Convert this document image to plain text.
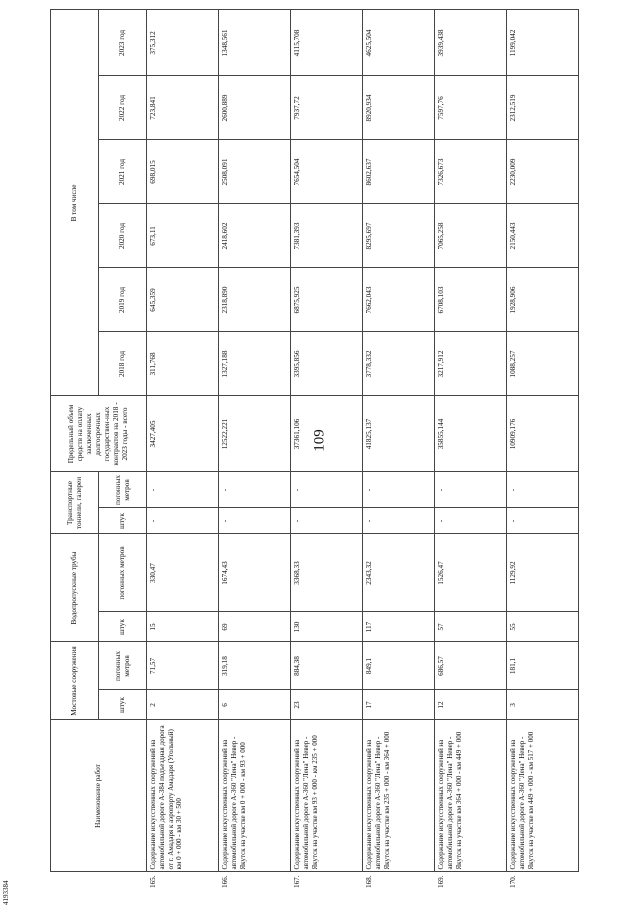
109
4193384
	Наименование работ	Мостовые сооружения		Водопропускные трубы		Транспортные тоннели, галереи		Предельный объем средств на оплату заключенных долгосрочных государствен-ных контрактов на 2018 - 2023 годы - всего	В том числе					
		штук	погонных метров	штук	погонных метров	штук	погонных метров		2018 год	2019 год	2020 год	2021 год	2022 год	2023 год
165.	Содержание искусственных сооружений на автомобильной дороге А-384 подъездная дорога от г. Амадаря к аэропорту Амадаря (Угольный) км 0 + 000 - км 30 + 500	2	71,57	15	330,47	-	-	3427,405	311,768	645,359	673,11	698,015	723,841	375,312
166.	Содержание искусственных сооружений на автомобильной дороге А-360 "Лена" Невер - Якутск на участке км 0 + 000 - км 93 + 000	6	319,18	69	1674,43	-	-	12522,221	1327,188	2318,890	2418,602	2508,091	2600,889	1348,561
167.	Содержание искусственных сооружений на автомобильной дороге А-360 "Лена" Невер - Якутск на участке км 93 + 000 - км 235 + 000	23	884,38	130	3368,33	-	-	37361,106	3395,856	6875,925	7381,393	7654,504	7937,72	4115,708
168.	Содержание искусственных сооружений на автомобильной дороге А-360 "Лена" Невер - Якутск на участке км 235 + 000 - км 364 + 000	17	849,1	117	2343,32	-	-	41825,137	3778,332	7662,043	8295,697	8602,637	8920,934	4625,504
169.	Содержание искусственных сооружений на автомобильной дороге А-360 "Лена" Невер - Якутск на участке км 364 + 000 - км 449 + 000	12	686,57	57	1526,47	-	-	35855,144	3217,912	6708,103	7065,258	7326,673	7597,76	3939,438
170.	Содержание искусственных сооружений на автомобильной дороге А-360 "Лена" Невер - Якутск на участке км 449 + 000 - км 517 + 000	3	181,1	55	1129,92	-	-	10909,176	1088,257	1928,906	2150,443	2230,009	2312,519	1199,042
